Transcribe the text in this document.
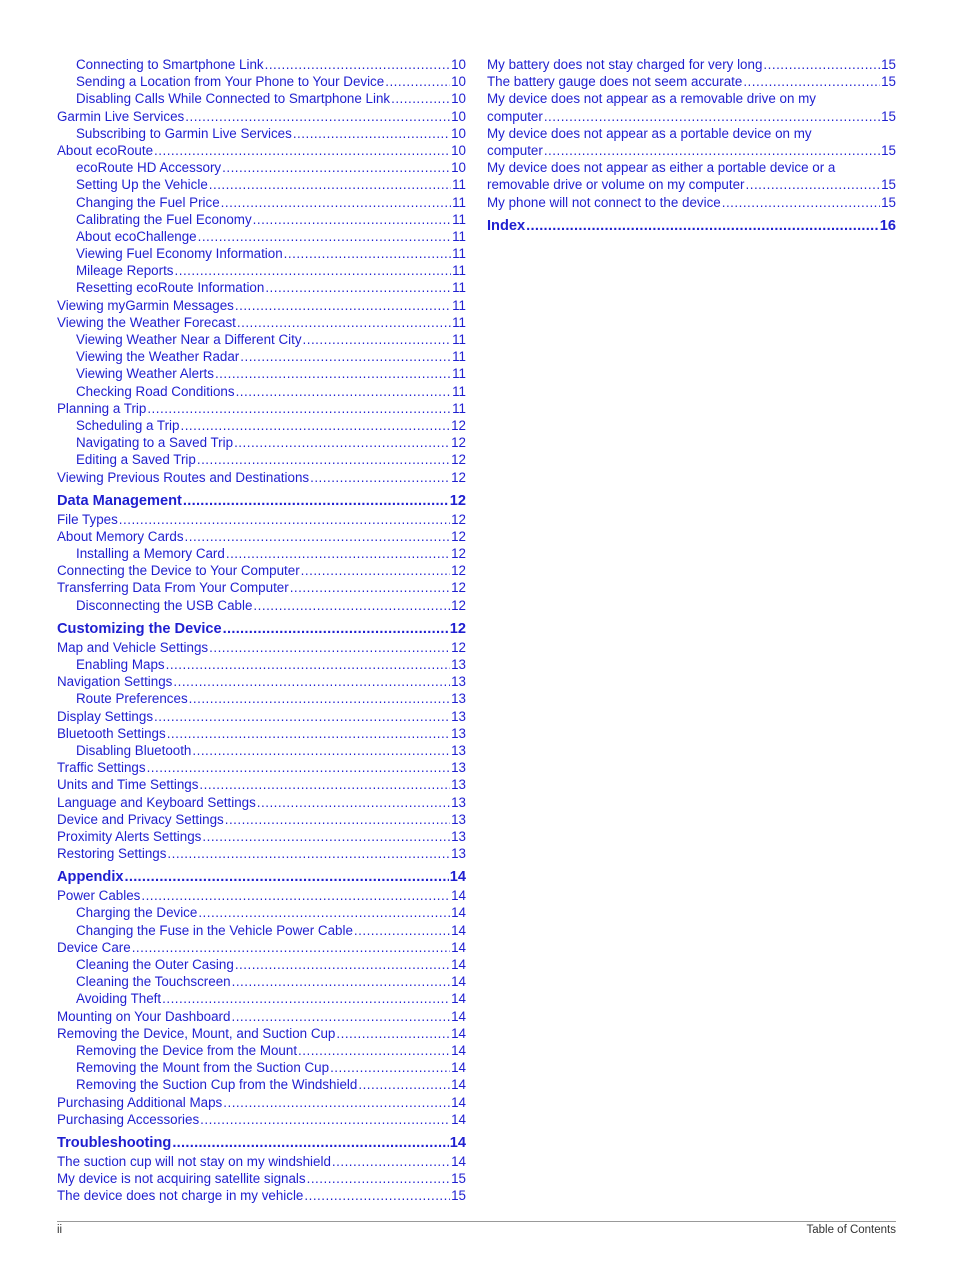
Connecting to Smartphone Link .....	10
Sending a Location from Your Phone to Your Device .....	10
Disabling Calls While Connected to Smartphone Link .....	10
Garmin Live Services .....	10
Subscribing to Garmin Live Services .....	10
About ecoRoute .....	10
ecoRoute HD Accessory .....	10
Setting Up the Vehicle .....	11
Changing the Fuel Price .....	11
Calibrating the Fuel Economy .....	11
About ecoChallenge .....	11
Viewing Fuel Economy Information .....	11
Mileage Reports .....	11
Resetting ecoRoute Information .....	11
Viewing myGarmin Messages .....	11
Viewing the Weather Forecast .....	11
Viewing Weather Near a Different City .....	11
Viewing the Weather Radar .....	11
Viewing Weather Alerts .....	11
Checking Road Conditions .....	11
Planning a Trip .....	11
Scheduling a Trip .....	12
Navigating to a Saved Trip .....	12
Editing a Saved Trip .....	12
Viewing Previous Routes and Destinations .....	12
Data Management .....	12
File Types .....	12
About Memory Cards .....	12
Installing a Memory Card .....	12
Connecting the Device to Your Computer .....	12
Transferring Data From Your Computer .....	12
Disconnecting the USB Cable .....	12
Customizing the Device .....	12
Map and Vehicle Settings .....	12
Enabling Maps .....	13
Navigation Settings .....	13
Route Preferences .....	13
Display Settings .....	13
Bluetooth Settings .....	13
Disabling Bluetooth .....	13
Traffic Settings .....	13
Units and Time Settings .....	13
Language and Keyboard Settings .....	13
Device and Privacy Settings .....	13
Proximity Alerts Settings .....	13
Restoring Settings .....	13
Appendix .....	14
Power Cables .....	14
Charging the Device .....	14
Changing the Fuse in the Vehicle Power Cable .....	14
Device Care .....	14
Cleaning the Outer Casing .....	14
Cleaning the Touchscreen .....	14
Avoiding Theft .....	14
Mounting on Your Dashboard .....	14
Removing the Device, Mount, and Suction Cup .....	14
Removing the Device from the Mount .....	14
Removing the Mount from the Suction Cup .....	14
Removing the Suction Cup from the Windshield .....	14
Purchasing Additional Maps .....	14
Purchasing Accessories .....	14
Troubleshooting .....	14
The suction cup will not stay on my windshield .....	14
My device is not acquiring satellite signals .....	15
The device does not charge in my vehicle .....	15
My battery does not stay charged for very long .....	15
The battery gauge does not seem accurate .....	15
My device does not appear as a removable drive on my
computer .....	15
My device does not appear as a portable device on my
computer .....	15
My device does not appear as either a portable device or a
removable drive or volume on my computer .....	15
My phone will not connect to the device .....	15
Index .....	16
ii	Table of Contents
